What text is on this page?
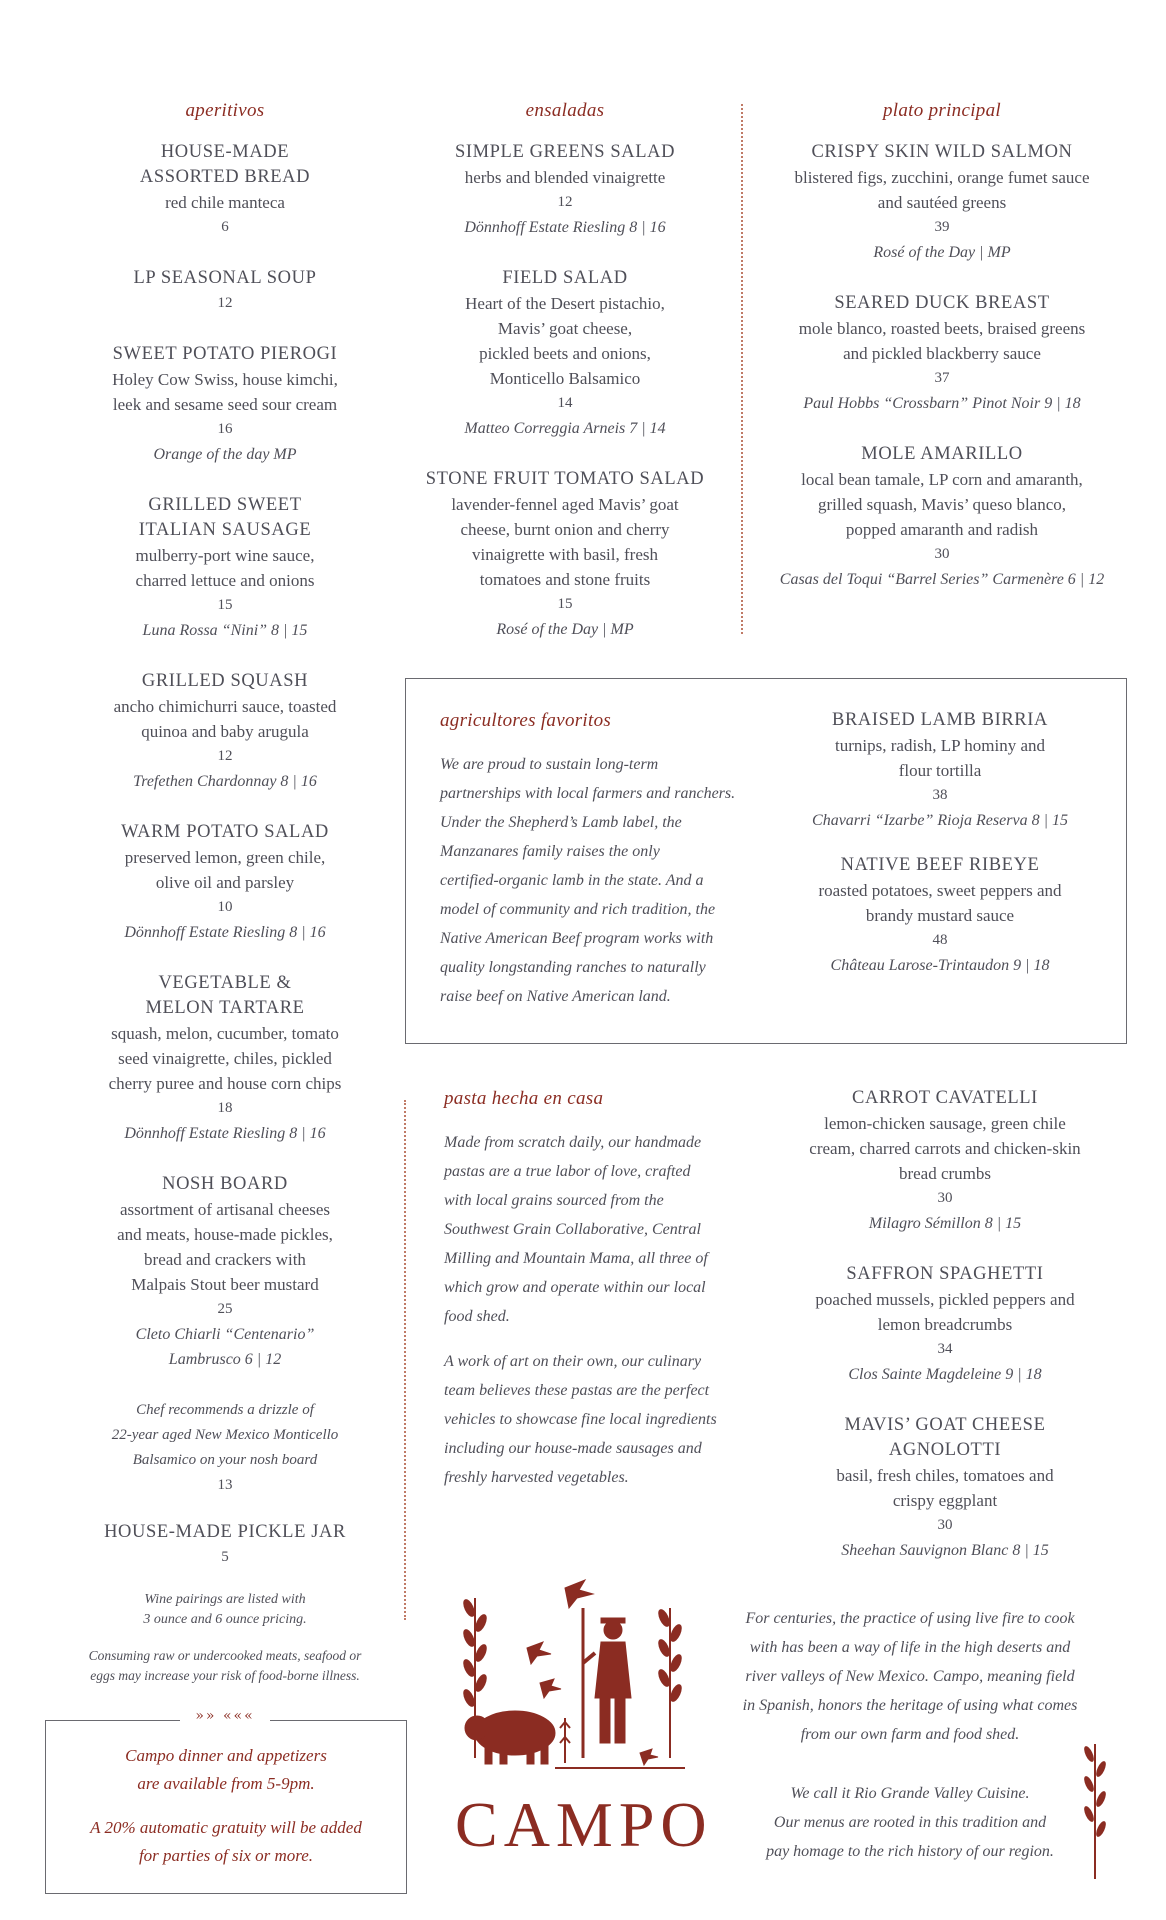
aperitivos
HOUSE-MADE
ASSORTED BREAD
red chile manteca
6
LP SEASONAL SOUP
12
SWEET POTATO PIEROGI
Holey Cow Swiss, house kimchi,
leek and sesame seed sour cream
16
Orange of the day MP
GRILLED SWEET
ITALIAN SAUSAGE
mulberry-port wine sauce,
charred lettuce and onions
15
Luna Rossa “Nini” 8 | 15
GRILLED SQUASH
ancho chimichurri sauce, toasted
quinoa and baby arugula
12
Trefethen Chardonnay 8 | 16
WARM POTATO SALAD
preserved lemon, green chile,
olive oil and parsley
10
Dönnhoff Estate Riesling 8 | 16
VEGETABLE &
MELON TARTARE
squash, melon, cucumber, tomato
seed vinaigrette, chiles, pickled
cherry puree and house corn chips
18
Dönnhoff Estate Riesling 8 | 16
NOSH BOARD
assortment of artisanal cheeses
and meats, house-made pickles,
bread and crackers with
Malpais Stout beer mustard
25
Cleto Chiarli “Centenario”
Lambrusco 6 | 12
Chef recommends a drizzle of
22-year aged New Mexico Monticello
Balsamico on your nosh board
13
HOUSE-MADE PICKLE JAR
5
Wine pairings are listed with
3 ounce and 6 ounce pricing.
Consuming raw or undercooked meats, seafood or
eggs may increase your risk of food-borne illness.
»» «««
Campo dinner and appetizers
are available from 5-9pm.
A 20% automatic gratuity will be added
for parties of six or more.
ensaladas
SIMPLE GREENS SALAD
herbs and blended vinaigrette
12
Dönnhoff Estate Riesling 8 | 16
FIELD SALAD
Heart of the Desert pistachio,
Mavis’ goat cheese,
pickled beets and onions,
Monticello Balsamico
14
Matteo Correggia Arneis 7 | 14
STONE FRUIT TOMATO SALAD
lavender-fennel aged Mavis’ goat
cheese, burnt onion and cherry
vinaigrette with basil, fresh
tomatoes and stone fruits
15
Rosé of the Day | MP
plato principal
CRISPY SKIN WILD SALMON
blistered figs, zucchini, orange fumet sauce
and sautéed greens
39
Rosé of the Day | MP
SEARED DUCK BREAST
mole blanco, roasted beets, braised greens
and pickled blackberry sauce
37
Paul Hobbs “Crossbarn” Pinot Noir 9 | 18
MOLE AMARILLO
local bean tamale, LP corn and amaranth,
grilled squash, Mavis’ queso blanco,
popped amaranth and radish
30
Casas del Toqui “Barrel Series” Carmenère 6 | 12
agricultores favoritos
We are proud to sustain long-term
partnerships with local farmers and ranchers.
Under the Shepherd’s Lamb label, the
Manzanares family raises the only
certified-organic lamb in the state. And a
model of community and rich tradition, the
Native American Beef program works with
quality longstanding ranches to naturally
raise beef on Native American land.
BRAISED LAMB BIRRIA
turnips, radish, LP hominy and
flour tortilla
38
Chavarri “Izarbe” Rioja Reserva 8 | 15
NATIVE BEEF RIBEYE
roasted potatoes, sweet peppers and
brandy mustard sauce
48
Château Larose-Trintaudon 9 | 18
pasta hecha en casa
Made from scratch daily, our handmade
pastas are a true labor of love, crafted
with local grains sourced from the
Southwest Grain Collaborative, Central
Milling and Mountain Mama, all three of
which grow and operate within our local
food shed.
A work of art on their own, our culinary
team believes these pastas are the perfect
vehicles to showcase fine local ingredients
including our house-made sausages and
freshly harvested vegetables.
CARROT CAVATELLI
lemon-chicken sausage, green chile
cream, charred carrots and chicken-skin
bread crumbs
30
Milagro Sémillon 8 | 15
SAFFRON SPAGHETTI
poached mussels, pickled peppers and
lemon breadcrumbs
34
Clos Sainte Magdeleine 9 | 18
MAVIS’ GOAT CHEESE
AGNOLOTTI
basil, fresh chiles, tomatoes and
crispy eggplant
30
Sheehan Sauvignon Blanc 8 | 15
CAMPO
For centuries, the practice of using live fire to cook
with has been a way of life in the high deserts and
river valleys of New Mexico. Campo, meaning field
in Spanish, honors the heritage of using what comes
from our own farm and food shed.
We call it Rio Grande Valley Cuisine.
Our menus are rooted in this tradition and
pay homage to the rich history of our region.
